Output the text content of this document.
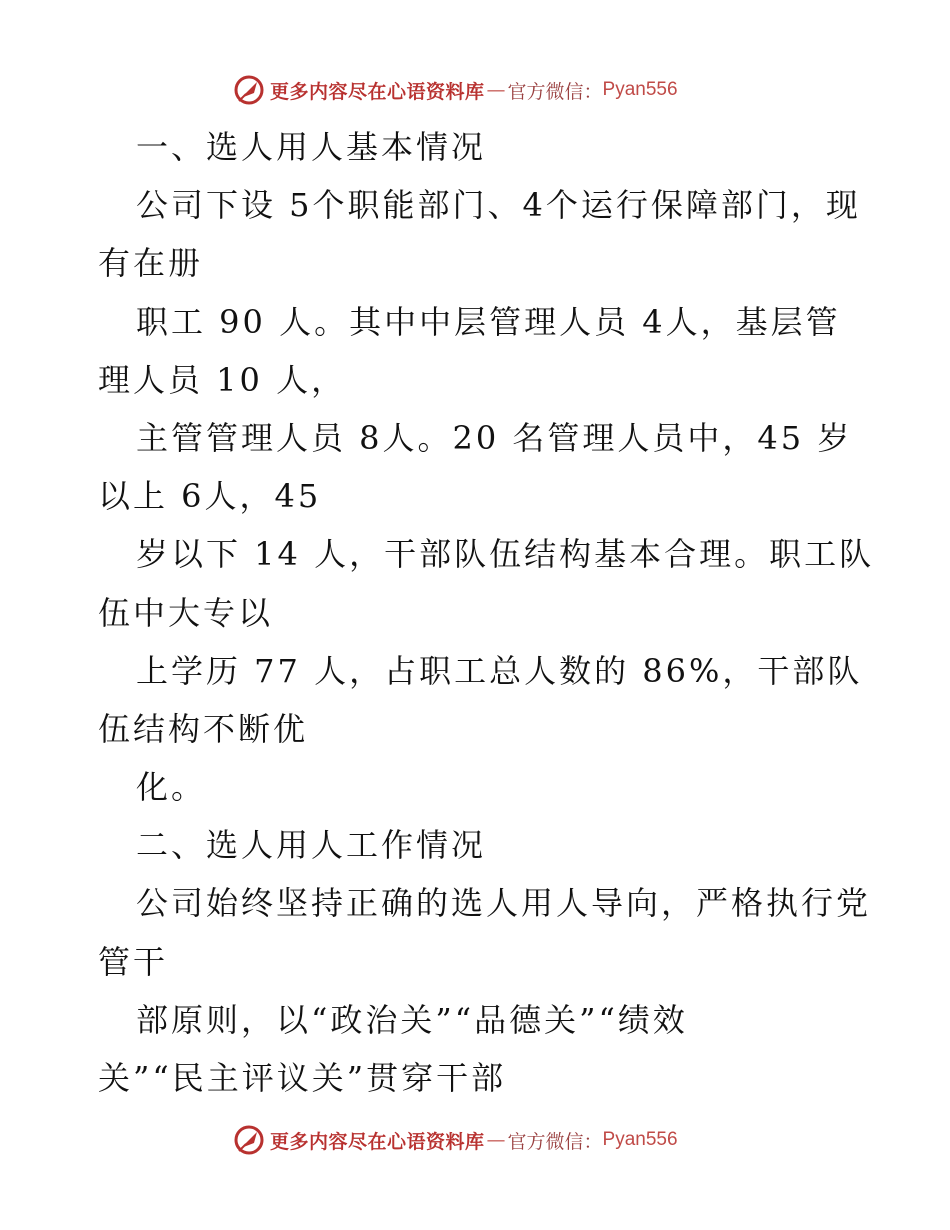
更多内容尽在心语资料库 — 官方微信： Pyan556
一、选人用人基本情况
公司下设 5个职能部门、4个运行保障部门，现
有在册
职工 90 人。其中中层管理人员 4人，基层管
理人员 10 人，
主管管理人员 8人。20 名管理人员中，45 岁
以上 6人，45
岁以下 14 人，干部队伍结构基本合理。职工队
伍中大专以
上学历 77 人，占职工总人数的 86%，干部队
伍结构不断优
化。
二、选人用人工作情况
公司始终坚持正确的选人用人导向，严格执行党
管干
部原则，以“政治关”“品德关”“绩效
关”“民主评议关”贯穿干部
更多内容尽在心语资料库 — 官方微信： Pyan556
